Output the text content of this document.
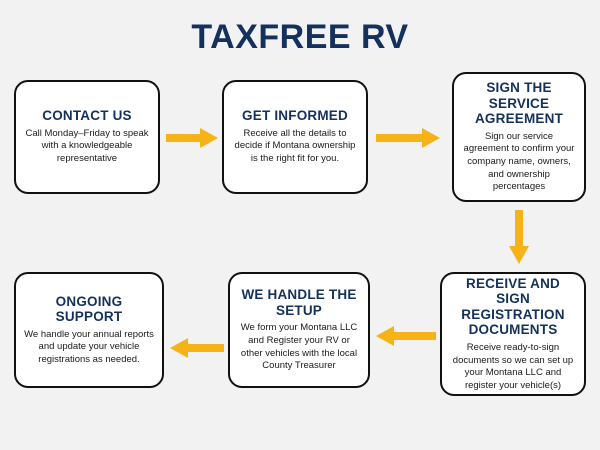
TAXFREE RV
CONTACT US
Call Monday–Friday to speak with a knowledgeable representative
GET INFORMED
Receive all the details to decide if Montana ownership is the right fit for you.
SIGN THE SERVICE AGREEMENT
Sign our service agreement to confirm your company name, owners, and ownership percentages
RECEIVE AND SIGN REGISTRATION DOCUMENTS
Receive ready-to-sign documents so we can set up your Montana LLC and register your vehicle(s)
WE HANDLE THE SETUP
We form your Montana LLC and Register your RV or other vehicles with the local County Treasurer
ONGOING SUPPORT
We handle your annual reports and update your vehicle registrations as needed.
